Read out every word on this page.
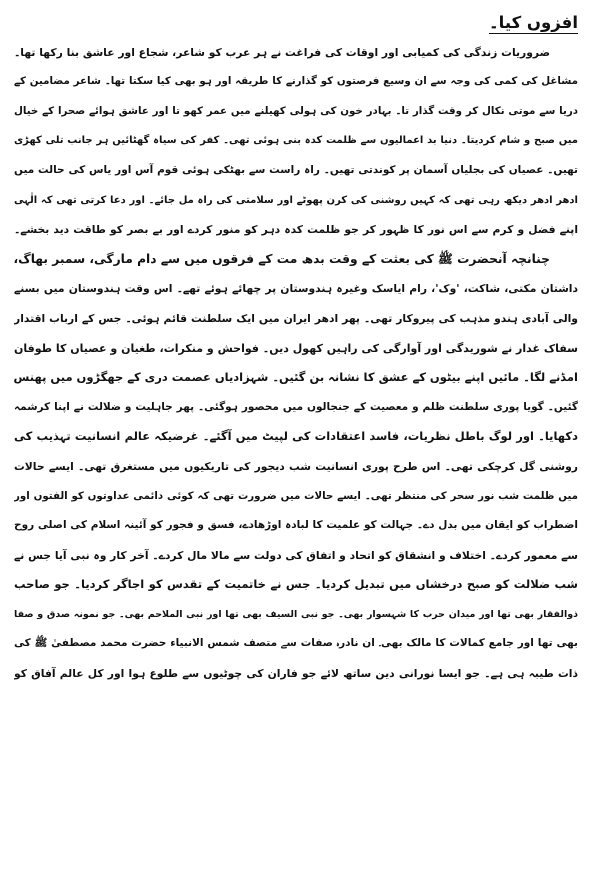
افزوں کیا۔
ضروریات زندگی کی کمیابی اور اوقات کی فراغت نے ہر عرب کو شاعر، شجاع اور عاشق بنا رکھا تھا۔
مشاغل کی کمی کی وجہ سے ان وسیع فرصتوں کو گذارنے کا طریقہ اور ہو بھی کیا سکتا تھا۔ شاعر مضامین کے
دریا سے موتی نکال کر وقت گذار تا۔ بہادر خون کی ہولی کھیلنے میں عمر کھو تا اور عاشق ہوائے صحرا کے خیال
میں صبح و شام کردیتا۔ دنیا بد اعمالیوں سے ظلمت کدہ بنی ہوئی تھی۔ کفر کی سیاہ گھٹائیں ہر جانب تلی کھڑی
تھیں۔ عصیاں کی بجلیاں آسمان پر کوندتی تھیں۔ راہ راست سے بھٹکی ہوئی قوم آس اور یاس کی حالت میں
ادھر ادھر دیکھ رہی تھی کہ کہیں روشنی کی کرن پھوٹے اور سلامتی کی راہ مل جائے۔ اور دعا کرتی تھی کہ الٰہی
اپنے فضل و کرم سے اس نور کا ظہور کر جو ظلمت کدہ دہر کو منور کردے اور بے بصر کو طاقت دید بخشے۔
چنانچہ آنحضرت ﷺ کی بعثت کے وقت بدھ مت کے فرقوں میں سے دام مارگی، سمبر بھاگ،
داشتان مکتی، شاکت، 'وک'، رام ایاسک وغیرہ ہندوستان پر چھائے ہوئے تھے۔ اس وقت ہندوستان میں بسنے
والی آبادی ہندو مذہب کی پیروکار تھی۔ پھر ادھر ایران میں ایک سلطنت قائم ہوئی۔ جس کے ارباب اقتدار
سفاک غدار نے شوریدگی اور آوارگی کی راہیں کھول دیں۔ فواحش و منکرات، طغیان و عصیاں کا طوفان
امڈنے لگا۔ مائیں اپنے بیٹوں کے عشق کا نشانہ بن گئیں۔ شہزادیاں عصمت دری کے جھگڑوں میں پھنس
گئیں۔ گویا پوری سلطنت ظلم و معصیت کے جنجالوں میں محصور ہوگئی۔ پھر جاہلیت و ضلالت نے اپنا کرشمہ
دکھایا۔ اور لوگ باطل نظریات، فاسد اعتقادات کی لپیٹ میں آگئے۔ غرضیکہ عالم انسانیت تہذیب کی
روشنی گل کرچکی تھی۔ اس طرح پوری انسانیت شب دیجور کی تاریکیوں میں مستغرق تھی۔ ایسے حالات
میں ظلمت شب نور سحر کی منتظر تھی۔ ایسے حالات میں ضرورت تھی کہ کوئی دائمی عداوتوں کو الفتوں اور
اضطراب کو ایقان میں بدل دے۔ جہالت کو علمیت کا لبادہ اوڑھادے، فسق و فجور کو آئینہ اسلام کی اصلی روح
سے معمور کردے۔ اختلاف و انشقاق کو اتحاد و اتفاق کی دولت سے مالا مال کردے۔ آخر کار وہ نبی آیا جس نے
شب ضلالت کو صبح درخشاں میں تبدیل کردیا۔ جس نے خاتمیت کے تقدس کو اجاگر کردیا۔ جو صاحب
ذوالفقار بھی تھا اور میدان حرب کا شہسوار بھی۔ جو نبی السیف بھی تھا اور نبی الملاحم بھی۔ جو نمونہ صدق و صفا
بھی تھا اور جامع کمالات کا مالک بھی۔ ان نادرہ صفات سے متصف شمس الانبیاء حضرت محمد مصطفیٰ ﷺ کی
ذات طیبہ ہی ہے۔ جو ایسا نورانی دین ساتھ لائے جو فاران کی چوٹیوں سے طلوع ہوا اور کل عالم آفاق کو
